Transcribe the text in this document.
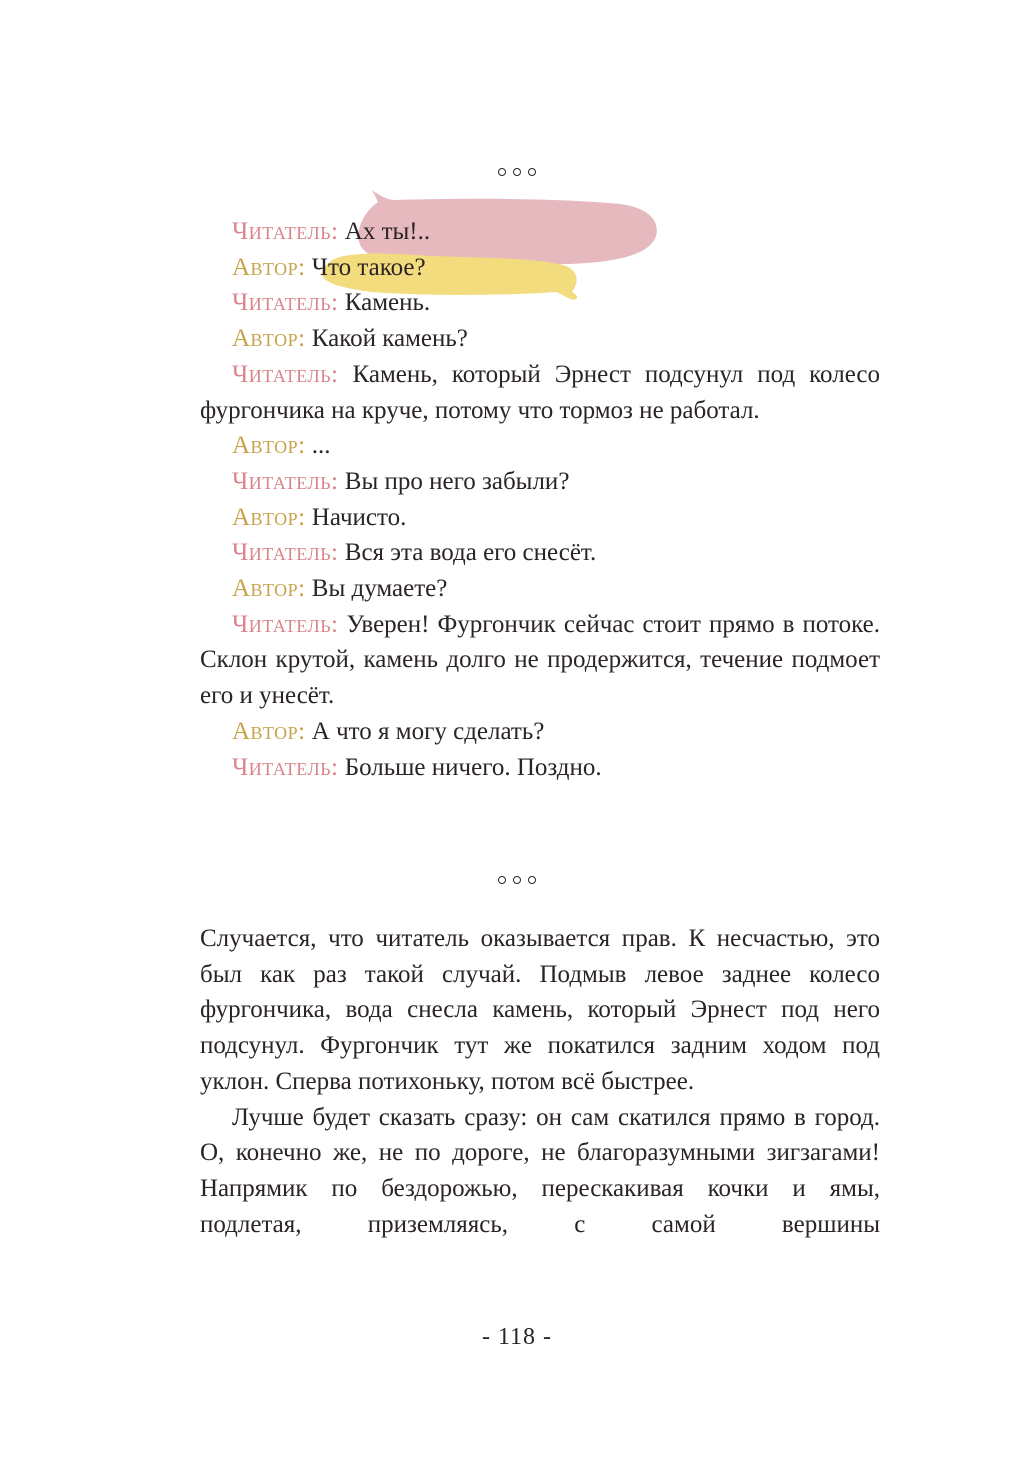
Читатель: Ах ты!..
Автор: Что такое?
Читатель: Камень.
Автор: Какой камень?
Читатель: Камень, который Эрнест подсунул под колесо фургончика на круче, потому что тормоз не работал.
Автор: ...
Читатель: Вы про него забыли?
Автор: Начисто.
Читатель: Вся эта вода его снесёт.
Автор: Вы думаете?
Читатель: Уверен! Фургончик сейчас стоит прямо в потоке. Склон крутой, камень долго не продержится, течение подмоет его и унесёт.
Автор: А что я могу сделать?
Читатель: Больше ничего. Поздно.

Случается, что читатель оказывается прав. К несчастью, это был как раз такой случай. Подмыв левое заднее колесо фургончика, вода снесла камень, который Эрнест под него подсунул. Фургончик тут же покатился задним ходом под уклон. Сперва потихоньку, потом всё быстрее.

Лучше будет сказать сразу: он сам скатился прямо в город. О, конечно же, не по дороге, не благоразумными зигзагами! Напрямик по бездорожью, перескакивая кочки и ямы, подлетая, приземляясь, с самой вершины

- 118 -
